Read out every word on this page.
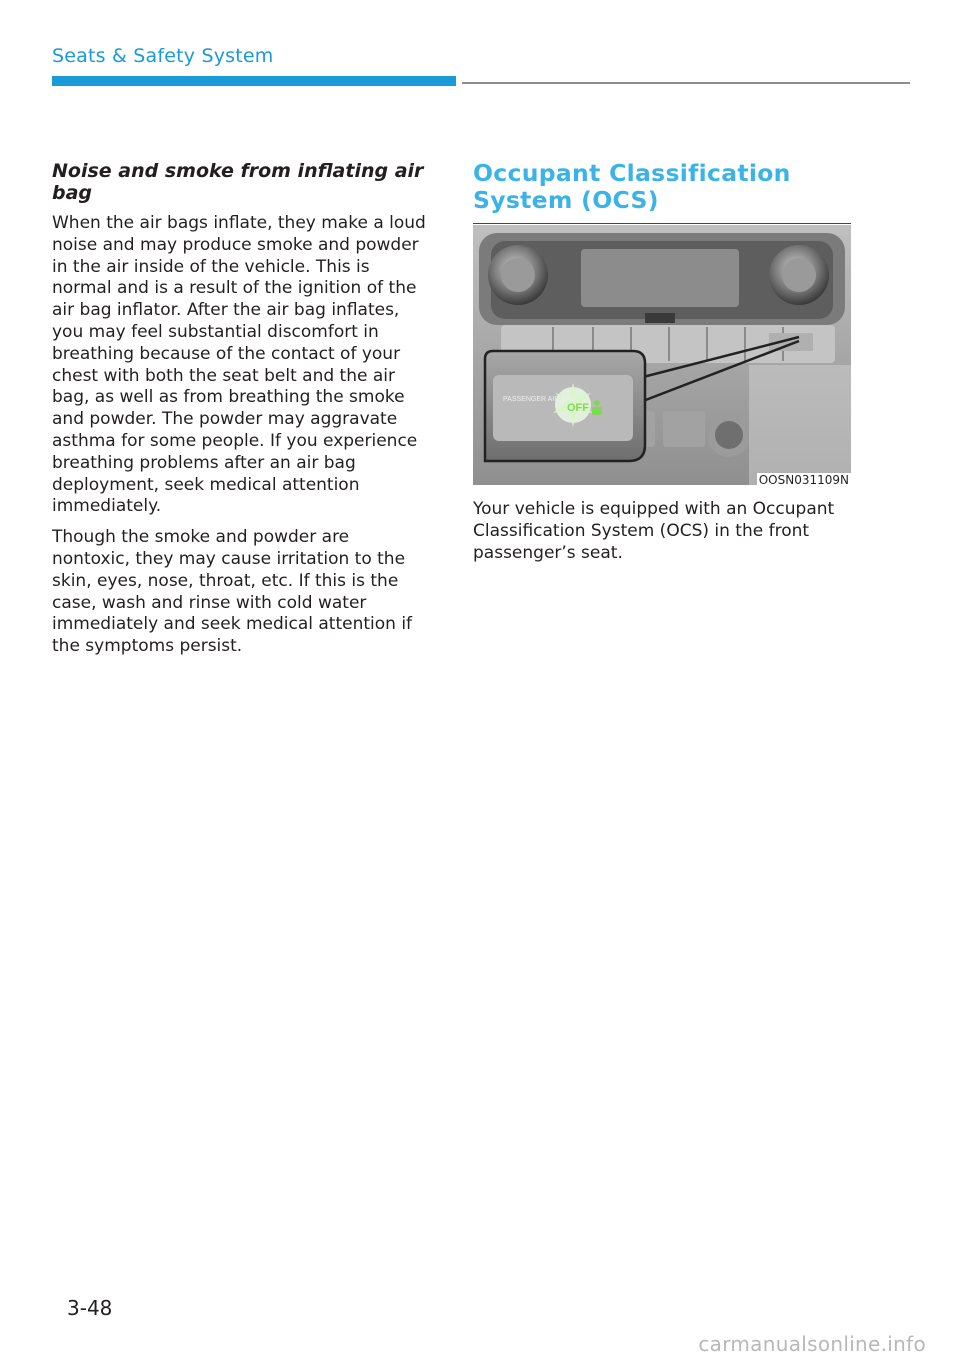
Seats & Safety System
Noise and smoke from inflating air bag

When the air bags inflate, they make a loud noise and may produce smoke and powder in the air inside of the vehicle. This is normal and is a result of the ignition of the air bag inflator. After the air bag inflates, you may feel substantial discomfort in breathing because of the contact of your chest with both the seat belt and the air bag, as well as from breathing the smoke and powder. The powder may aggravate asthma for some people. If you experience breathing problems after an air bag deployment, seek medical attention immediately.

Though the smoke and powder are nontoxic, they may cause irritation to the skin, eyes, nose, throat, etc. If this is the case, wash and rinse with cold water immediately and seek medical attention if the symptoms persist.

Occupant Classification System (OCS)
OFF
PASSENGER AIR BAG
OOSN031109N

Your vehicle is equipped with an Occupant Classification System (OCS) in the front passenger’s seat.

3-48
carmanualsonline.info
